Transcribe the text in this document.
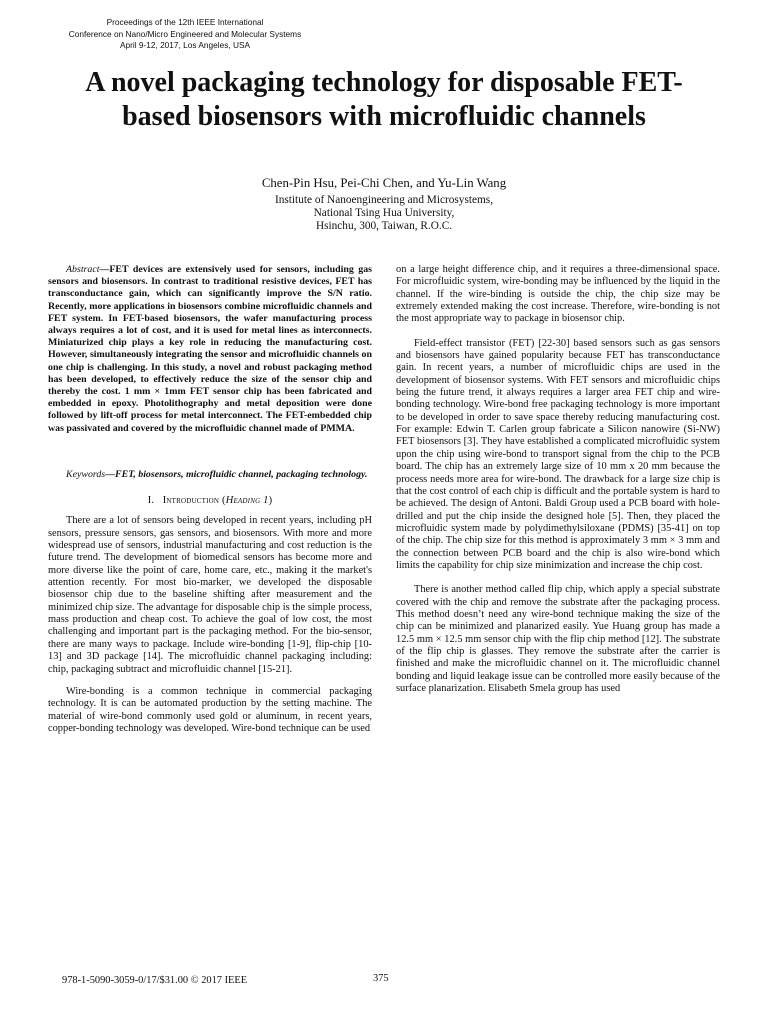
Proceedings of the 12th IEEE International
Conference on Nano/Micro Engineered and Molecular Systems
April 9-12, 2017, Los Angeles, USA
A novel packaging technology for disposable FET-
based biosensors with microfluidic channels
Chen-Pin Hsu, Pei-Chi Chen, and Yu-Lin Wang
Institute of Nanoengineering and Microsystems,
National Tsing Hua University,
Hsinchu, 300, Taiwan, R.O.C.

Abstract—FET devices are extensively used for sensors, including gas sensors and biosensors. In contrast to traditional resistive devices, FET has transconductance gain, which can significantly improve the S/N ratio. Recently, more applications in biosensors combine microfluidic channels and FET system. In FET-based biosensors, the wafer manufacturing process always requires a lot of cost, and it is used for metal lines as interconnects. Miniaturized chip plays a key role in reducing the manufacturing cost. However, simultaneously integrating the sensor and microfluidic channels on one chip is challenging. In this study, a novel and robust packaging method has been developed, to effectively reduce the size of the sensor chip and thereby the cost. 1 mm × 1mm FET sensor chip has been fabricated and embedded in epoxy. Photolithography and metal deposition were done followed by lift-off process for metal interconnect. The FET-embedded chip was passivated and covered by the microfluidic channel made of PMMA.

Keywords—FET, biosensors, microfluidic channel, packaging technology.

I. Introduction (Heading 1)

There are a lot of sensors being developed in recent years, including pH sensors, pressure sensors, gas sensors, and biosensors. With more and more widespread use of sensors, industrial manufacturing and cost reduction is the future trend. The development of biomedical sensors has become more and more diverse like the point of care, home care, etc., making it the market's attention recently. For most bio-marker, we developed the disposable biosensor chip due to the baseline shifting after measurement and the minimized chip size. The advantage for disposable chip is the simple process, mass production and cheap cost. To achieve the goal of low cost, the most challenging and important part is the packaging method. For the bio-sensor, there are many ways to package. Include wire-bonding [1-9], flip-chip [10-13] and 3D package [14]. The microfluidic channel packaging including: chip, packaging subtract and microfluidic channel [15-21].

Wire-bonding is a common technique in commercial packaging technology. It is can be automated production by the setting machine. The material of wire-bond commonly used gold or aluminum, in recent years, copper-bonding technology was developed. Wire-bond technique can be used

on a large height difference chip, and it requires a three-dimensional space. For microfluidic system, wire-bonding may be influenced by the liquid in the channel. If the wire-binding is outside the chip, the chip size may be extremely extended making the cost increase. Therefore, wire-bonding is not the most appropriate way to package in biosensor chip.

Field-effect transistor (FET) [22-30] based sensors such as gas sensors and biosensors have gained popularity because FET has transconductance gain. In recent years, a number of microfluidic chips are used in the development of biosensor systems. With FET sensors and microfluidic chips being the future trend, it always requires a larger area FET chip and wire-bonding technology. Wire-bond free packaging technology is more important to be developed in order to save space thereby reducing manufacturing cost. For example: Edwin T. Carlen group fabricate a Silicon nanowire (Si-NW) FET biosensors [3]. They have established a complicated microfluidic system upon the chip using wire-bond to transport signal from the chip to the PCB board. The chip has an extremely large size of 10 mm x 20 mm because the process needs more area for wire-bond. The drawback for a large size chip is that the cost control of each chip is difficult and the portable system is hard to be achieved. The design of Antoni. Baldi Group used a PCB board with hole-drilled and put the chip inside the designed hole [5]. Then, they placed the microfluidic system made by polydimethylsiloxane (PDMS) [35-41] on top of the chip. The chip size for this method is approximately 3 mm × 3 mm and the connection between PCB board and the chip is also wire-bond which limits the capability for chip size minimization and increase the chip cost.

There is another method called flip chip, which apply a special substrate covered with the chip and remove the substrate after the packaging process. This method doesn’t need any wire-bond technique making the size of the chip can be minimized and planarized easily. Yue Huang group has made a 12.5 mm × 12.5 mm sensor chip with the flip chip method [12]. The substrate of the flip chip is glasses. They remove the substrate after the carrier is finished and make the microfluidic channel on it. The microfluidic channel bonding and liquid leakage issue can be controlled more easily because of the surface planarization. Elisabeth Smela group has used

978-1-5090-3059-0/17/$31.00 © 2017 IEEE	375
